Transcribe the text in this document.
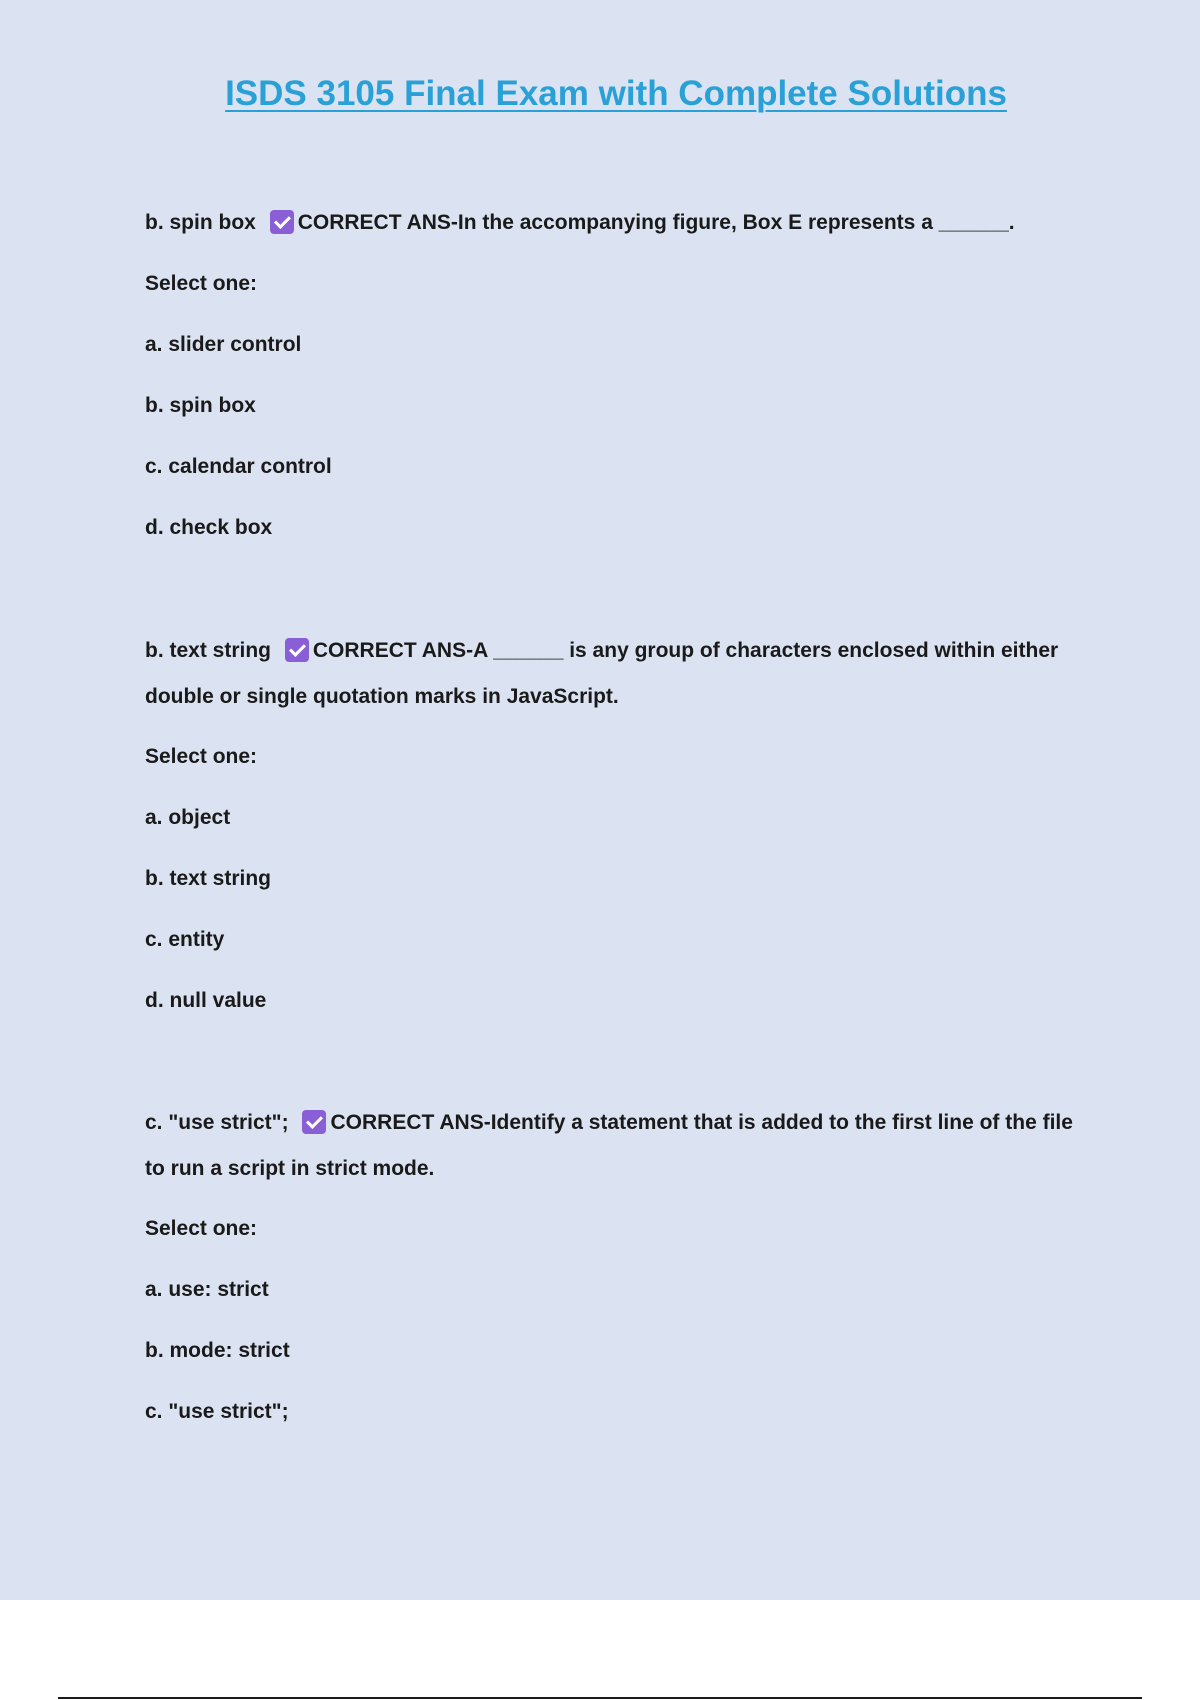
ISDS 3105 Final Exam with Complete Solutions
b. spin box CORRECT ANS-In the accompanying figure, Box E represents a ______.
Select one:
a. slider control
b. spin box
c. calendar control
d. check box
b. text string CORRECT ANS-A ______ is any group of characters enclosed within either double or single quotation marks in JavaScript.
Select one:
a. object
b. text string
c. entity
d. null value
c. "use strict"; CORRECT ANS-Identify a statement that is added to the first line of the file to run a script in strict mode.
Select one:
a. use: strict
b. mode: strict
c. "use strict";
